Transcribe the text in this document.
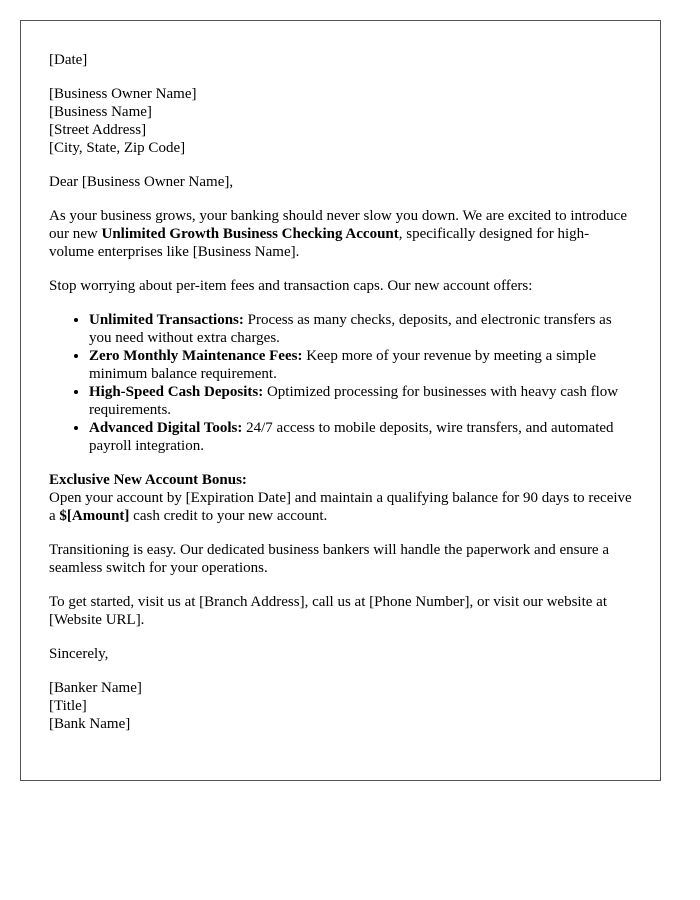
[Date]

[Business Owner Name]

[Business Name]

[Street Address]

[City, State, Zip Code]

Dear [Business Owner Name],

As your business grows, your banking should never slow you down. We are excited to introduce our new Unlimited Growth Business Checking Account, specifically designed for high-volume enterprises like [Business Name].

Stop worrying about per-item fees and transaction caps. Our new account offers:

• Unlimited Transactions: Process as many checks, deposits, and electronic transfers as you need without extra charges.
• Zero Monthly Maintenance Fees: Keep more of your revenue by meeting a simple minimum balance requirement.
• High-Speed Cash Deposits: Optimized processing for businesses with heavy cash flow requirements.
• Advanced Digital Tools: 24/7 access to mobile deposits, wire transfers, and automated payroll integration.

Exclusive New Account Bonus:
Open your account by [Expiration Date] and maintain a qualifying balance for 90 days to receive a $[Amount] cash credit to your new account.

Transitioning is easy. Our dedicated business bankers will handle the paperwork and ensure a seamless switch for your operations.

To get started, visit us at [Branch Address], call us at [Phone Number], or visit our website at [Website URL].

Sincerely,

[Banker Name]

[Title]

[Bank Name]
